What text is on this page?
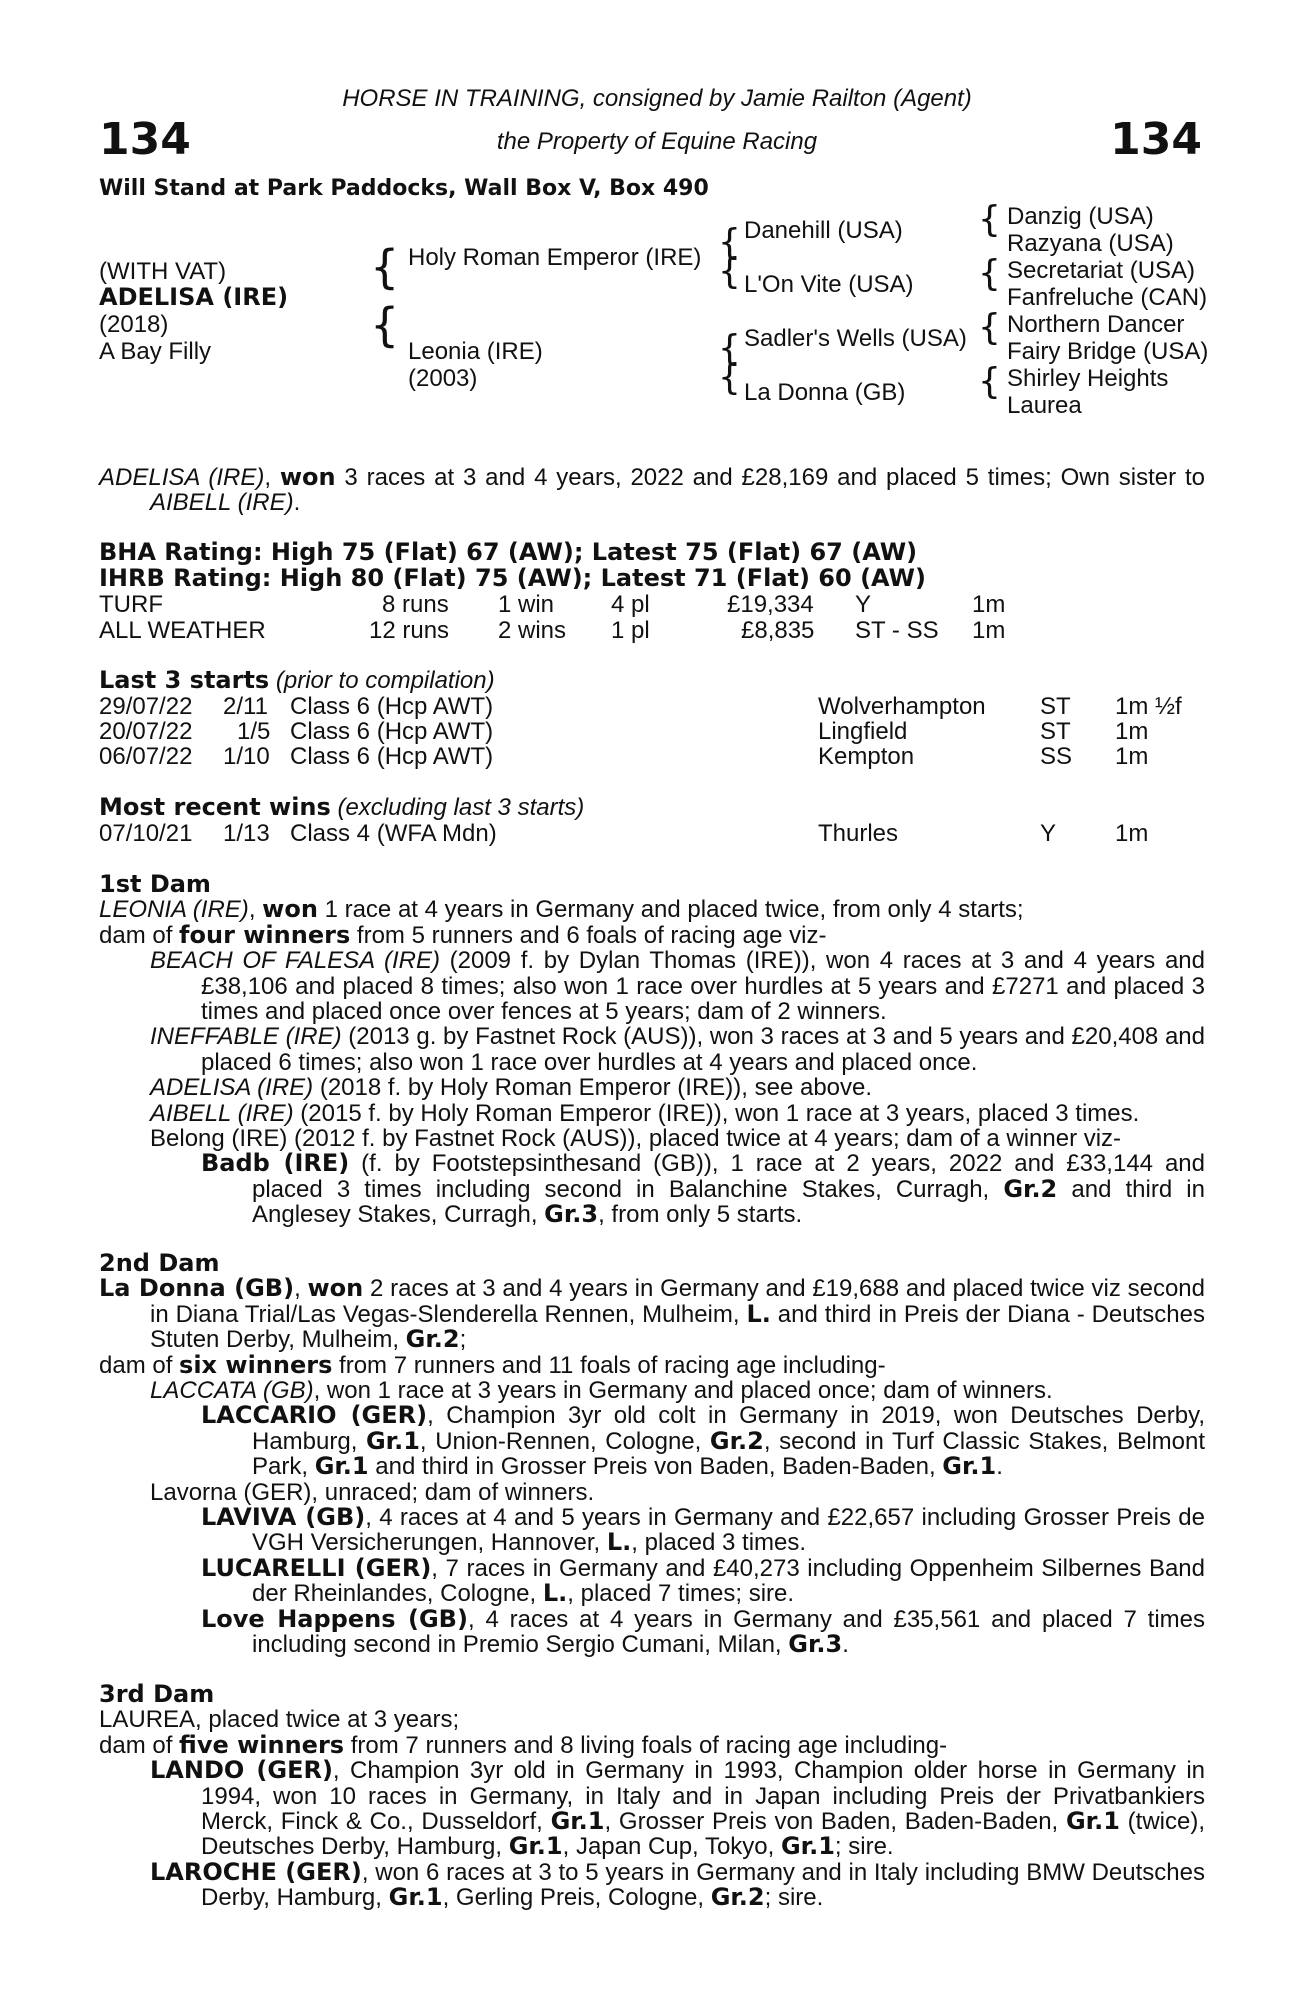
134	134
HORSE IN TRAINING, consigned by Jamie Railton (Agent)
the Property of Equine Racing
Will Stand at Park Paddocks, Wall Box V, Box 490
(WITH VAT)
ADELISA (IRE)
(2018)
A Bay Filly
{
{
Holy Roman Emperor (IRE)
Leonia (IRE)
(2003)
{
{
{
{
Danehill (USA)
L'On Vite (USA)
Sadler's Wells (USA)
La Donna (GB)
{
{
{
{
Danzig (USA)
Razyana (USA)
Secretariat (USA)
Fanfreluche (CAN)
Northern Dancer
Fairy Bridge (USA)
Shirley Heights
Laurea

ADELISA (IRE), won 3 races at 3 and 4 years, 2022 and £28,169 and placed 5 times; Own sister to AIBELL (IRE).

BHA Rating: High 75 (Flat) 67 (AW); Latest 75 (Flat) 67 (AW)
IHRB Rating: High 80 (Flat) 75 (AW); Latest 71 (Flat) 60 (AW)
TURF	8 runs 1 win 4 pl	£19,334 Y	1m
ALL WEATHER	12 runs 2 wins 1 pl	£8,835 ST - SS 1m
Last 3 starts (prior to compilation)
29/07/22 2/11 Class 6 (Hcp AWT)	Wolverhampton ST 1m ½f
20/07/22 1/5 Class 6 (Hcp AWT)	Lingfield	ST 1m
06/07/22 1/10 Class 6 (Hcp AWT)	Kempton	SS 1m
Most recent wins (excluding last 3 starts)
07/10/21 1/13 Class 4 (WFA Mdn)	Thurles	Y 1m

1st Dam

LEONIA (IRE), won 1 race at 4 years in Germany and placed twice, from only 4 starts;

dam of four winners from 5 runners and 6 foals of racing age viz-

BEACH OF FALESA (IRE) (2009 f. by Dylan Thomas (IRE)), won 4 races at 3 and 4 years and £38,106 and placed 8 times; also won 1 race over hurdles at 5 years and £7271 and placed 3 times and placed once over fences at 5 years; dam of 2 winners.

INEFFABLE (IRE) (2013 g. by Fastnet Rock (AUS)), won 3 races at 3 and 5 years and £20,408 and placed 6 times; also won 1 race over hurdles at 4 years and placed once.

ADELISA (IRE) (2018 f. by Holy Roman Emperor (IRE)), see above.

AIBELL (IRE) (2015 f. by Holy Roman Emperor (IRE)), won 1 race at 3 years, placed 3 times.

Belong (IRE) (2012 f. by Fastnet Rock (AUS)), placed twice at 4 years; dam of a winner viz-

Badb (IRE) (f. by Footstepsinthesand (GB)), 1 race at 2 years, 2022 and £33,144 and placed 3 times including second in Balanchine Stakes, Curragh, Gr.2 and third in Anglesey Stakes, Curragh, Gr.3, from only 5 starts.

2nd Dam

La Donna (GB), won 2 races at 3 and 4 years in Germany and £19,688 and placed twice viz second in Diana Trial/Las Vegas-Slenderella Rennen, Mulheim, L. and third in Preis der Diana - Deutsches Stuten Derby, Mulheim, Gr.2;

dam of six winners from 7 runners and 11 foals of racing age including-

LACCATA (GB), won 1 race at 3 years in Germany and placed once; dam of winners.

LACCARIO (GER), Champion 3yr old colt in Germany in 2019, won Deutsches Derby, Hamburg, Gr.1, Union-Rennen, Cologne, Gr.2, second in Turf Classic Stakes, Belmont Park, Gr.1 and third in Grosser Preis von Baden, Baden-Baden, Gr.1.

Lavorna (GER), unraced; dam of winners.

LAVIVA (GB), 4 races at 4 and 5 years in Germany and £22,657 including Grosser Preis de VGH Versicherungen, Hannover, L., placed 3 times.

LUCARELLI (GER), 7 races in Germany and £40,273 including Oppenheim Silbernes Band der Rheinlandes, Cologne, L., placed 7 times; sire.

Love Happens (GB), 4 races at 4 years in Germany and £35,561 and placed 7 times including second in Premio Sergio Cumani, Milan, Gr.3.

3rd Dam

LAUREA, placed twice at 3 years;

dam of five winners from 7 runners and 8 living foals of racing age including-

LANDO (GER), Champion 3yr old in Germany in 1993, Champion older horse in Germany in 1994, won 10 races in Germany, in Italy and in Japan including Preis der Privatbankiers Merck, Finck & Co., Dusseldorf, Gr.1, Grosser Preis von Baden, Baden-Baden, Gr.1 (twice), Deutsches Derby, Hamburg, Gr.1, Japan Cup, Tokyo, Gr.1; sire.

LAROCHE (GER), won 6 races at 3 to 5 years in Germany and in Italy including BMW Deutsches Derby, Hamburg, Gr.1, Gerling Preis, Cologne, Gr.2; sire.
